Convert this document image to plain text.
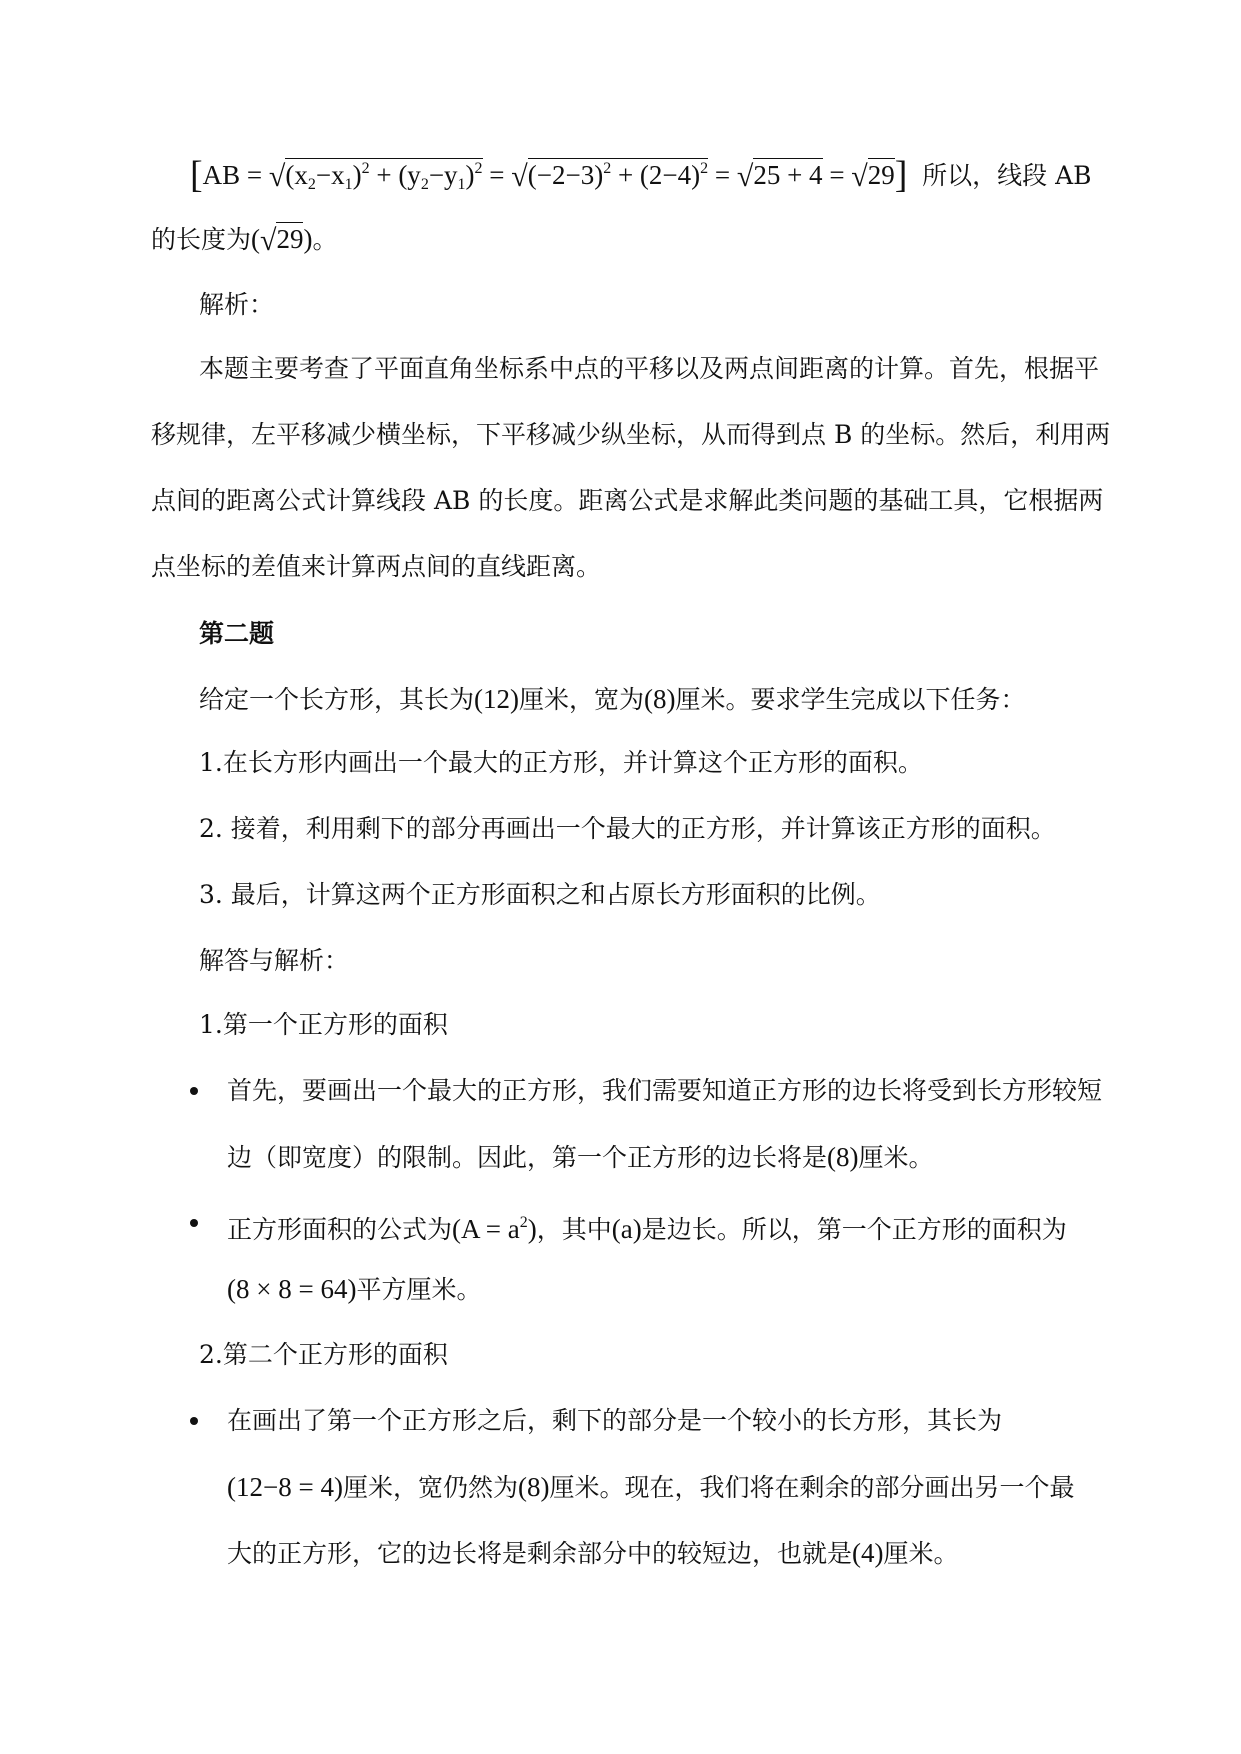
$[AB = √(x_2-x_1)^2 + (y_2-y_1)^2 = √(-2-3)^2 + (2-4)^2 = √25 + 4 = √29]$ 所以，线段 AB
的长度为(√29)。
解析：
本题主要考查了平面直角坐标系中点的平移以及两点间距离的计算。首先，根据平
移规律，左平移减少横坐标，下平移减少纵坐标，从而得到点 B 的坐标。然后，利用两
点间的距离公式计算线段 AB 的长度。距离公式是求解此类问题的基础工具，它根据两
点坐标的差值来计算两点间的直线距离。
第二题
给定一个长方形，其长为(12)厘米，宽为(8)厘米。要求学生完成以下任务：
1.在长方形内画出一个最大的正方形，并计算这个正方形的面积。
2. 接着，利用剩下的部分再画出一个最大的正方形，并计算该正方形的面积。
3. 最后，计算这两个正方形面积之和占原长方形面积的比例。
解答与解析：
1.第一个正方形的面积
首先，要画出一个最大的正方形，我们需要知道正方形的边长将受到长方形较短
边（即宽度）的限制。因此，第一个正方形的边长将是(8)厘米。
正方形面积的公式为$(A = a^2)$，其中(a)是边长。所以，第一个正方形的面积为
(8 × 8 = 64)平方厘米。
2.第二个正方形的面积
在画出了第一个正方形之后，剩下的部分是一个较小的长方形，其长为
(12−8 = 4)厘米，宽仍然为(8)厘米。现在，我们将在剩余的部分画出另一个最
大的正方形，它的边长将是剩余部分中的较短边，也就是(4)厘米。
